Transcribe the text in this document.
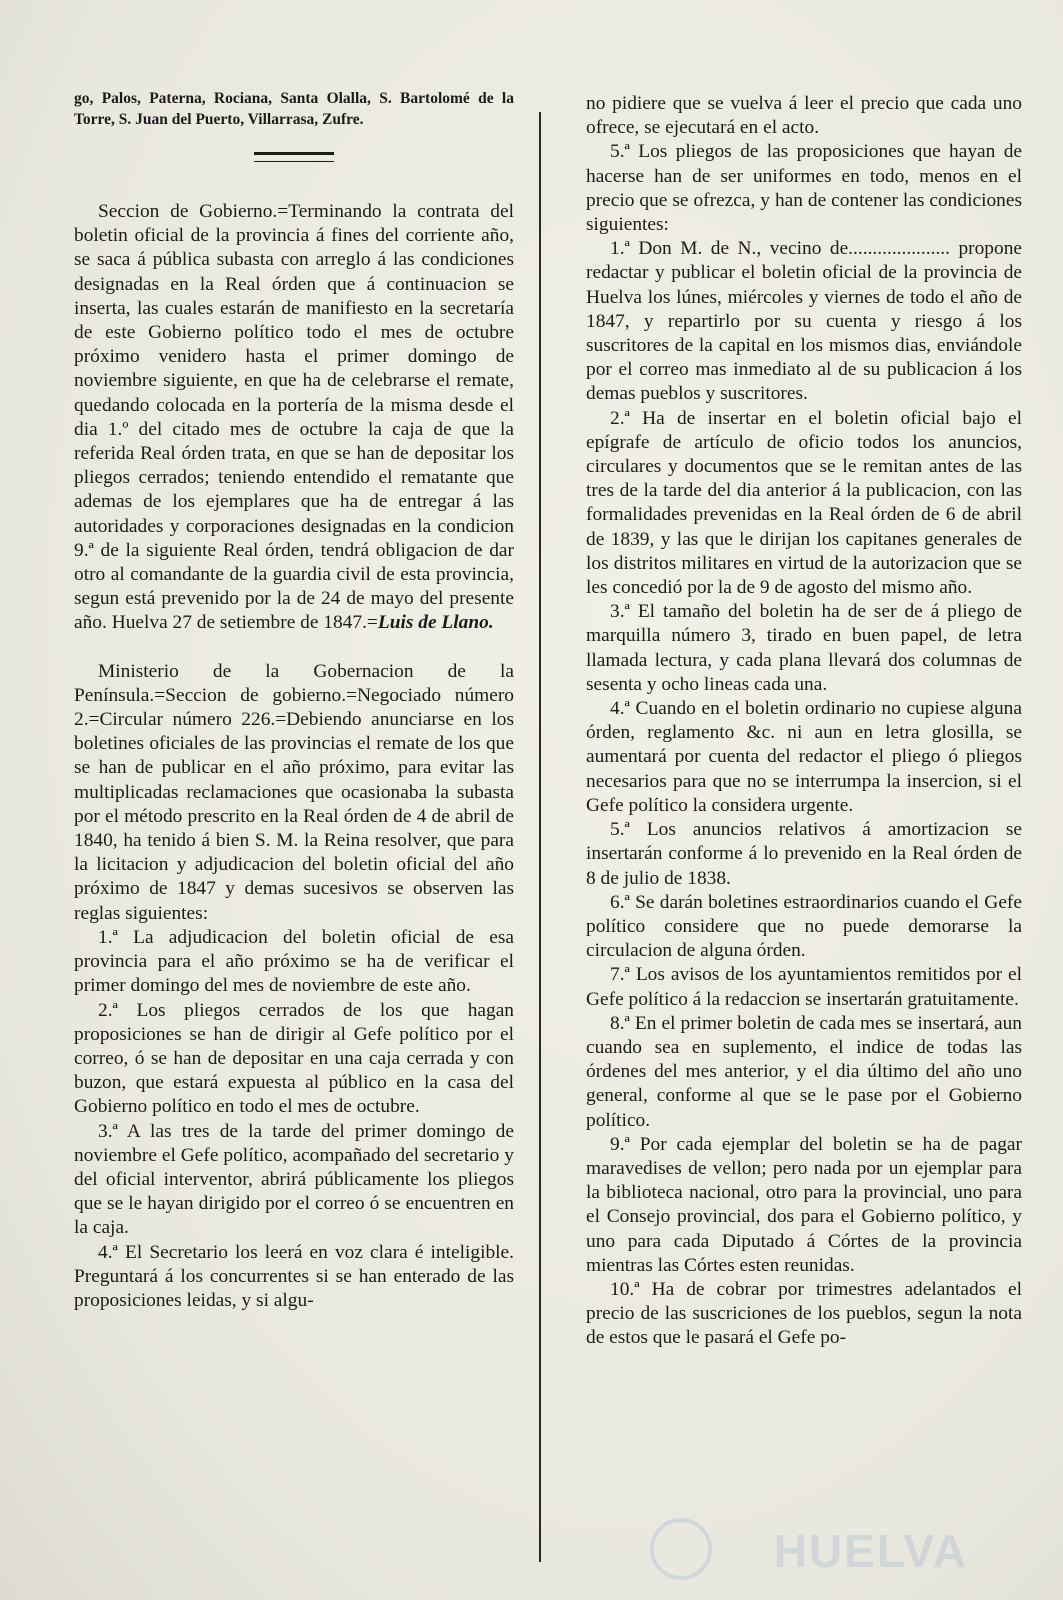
go, Palos, Paterna, Rociana, Santa Olalla, S. Bartolomé de la Torre, S. Juan del Puerto, Villarrasa, Zufre.

Seccion de Gobierno.=Terminando la contrata del boletin oficial de la provincia á fines del corriente año, se saca á pública subasta con arreglo á las condiciones designadas en la Real órden que á continuacion se inserta, las cuales estarán de manifiesto en la secretaría de este Gobierno político todo el mes de octubre próximo venidero hasta el primer domingo de noviembre siguiente, en que ha de celebrarse el remate, quedando colocada en la portería de la misma desde el dia 1.º del citado mes de octubre la caja de que la referida Real órden trata, en que se han de depositar los pliegos cerrados; teniendo entendido el rematante que ademas de los ejemplares que ha de entregar á las autoridades y corporaciones designadas en la condicion 9.ª de la siguiente Real órden, tendrá obligacion de dar otro al comandante de la guardia civil de esta provincia, segun está prevenido por la de 24 de mayo del presente año. Huelva 27 de setiembre de 1847.=Luis de Llano.

Ministerio de la Gobernacion de la Península.=Seccion de gobierno.=Negociado número 2.=Circular número 226.=Debiendo anunciarse en los boletines oficiales de las provincias el remate de los que se han de publicar en el año próximo, para evitar las multiplicadas reclamaciones que ocasionaba la subasta por el método prescrito en la Real órden de 4 de abril de 1840, ha tenido á bien S. M. la Reina resolver, que para la licitacion y adjudicacion del boletin oficial del año próximo de 1847 y demas sucesivos se observen las reglas siguientes:

1.ª La adjudicacion del boletin oficial de esa provincia para el año próximo se ha de verificar el primer domingo del mes de noviembre de este año.

2.ª Los pliegos cerrados de los que hagan proposiciones se han de dirigir al Gefe político por el correo, ó se han de depositar en una caja cerrada y con buzon, que estará expuesta al público en la casa del Gobierno político en todo el mes de octubre.

3.ª A las tres de la tarde del primer domingo de noviembre el Gefe político, acompañado del secretario y del oficial interventor, abrirá públicamente los pliegos que se le hayan dirigido por el correo ó se encuentren en la caja.

4.ª El Secretario los leerá en voz clara é inteligible. Preguntará á los concurrentes si se han enterado de las proposiciones leidas, y si algu-

no pidiere que se vuelva á leer el precio que cada uno ofrece, se ejecutará en el acto.

5.ª Los pliegos de las proposiciones que hayan de hacerse han de ser uniformes en todo, menos en el precio que se ofrezca, y han de contener las condiciones siguientes:

1.ª Don M. de N., vecino de..................... propone redactar y publicar el boletin oficial de la provincia de Huelva los lúnes, miércoles y viernes de todo el año de 1847, y repartirlo por su cuenta y riesgo á los suscritores de la capital en los mismos dias, enviándole por el correo mas inmediato al de su publicacion á los demas pueblos y suscritores.

2.ª Ha de insertar en el boletin oficial bajo el epígrafe de artículo de oficio todos los anuncios, circulares y documentos que se le remitan antes de las tres de la tarde del dia anterior á la publicacion, con las formalidades prevenidas en la Real órden de 6 de abril de 1839, y las que le dirijan los capitanes generales de los distritos militares en virtud de la autorizacion que se les concedió por la de 9 de agosto del mismo año.

3.ª El tamaño del boletin ha de ser de á pliego de marquilla número 3, tirado en buen papel, de letra llamada lectura, y cada plana llevará dos columnas de sesenta y ocho lineas cada una.

4.ª Cuando en el boletin ordinario no cupiese alguna órden, reglamento &c. ni aun en letra glosilla, se aumentará por cuenta del redactor el pliego ó pliegos necesarios para que no se interrumpa la insercion, si el Gefe político la considera urgente.

5.ª Los anuncios relativos á amortizacion se insertarán conforme á lo prevenido en la Real órden de 8 de julio de 1838.

6.ª Se darán boletines estraordinarios cuando el Gefe político considere que no puede demorarse la circulacion de alguna órden.

7.ª Los avisos de los ayuntamientos remitidos por el Gefe político á la redaccion se insertarán gratuitamente.

8.ª En el primer boletin de cada mes se insertará, aun cuando sea en suplemento, el indice de todas las órdenes del mes anterior, y el dia último del año uno general, conforme al que se le pase por el Gobierno político.

9.ª Por cada ejemplar del boletin se ha de pagar maravedises de vellon; pero nada por un ejemplar para la biblioteca nacional, otro para la provincial, uno para el Consejo provincial, dos para el Gobierno político, y uno para cada Diputado á Córtes de la provincia mientras las Córtes esten reunidas.

10.ª Ha de cobrar por trimestres adelantados el precio de las suscriciones de los pueblos, segun la nota de estos que le pasará el Gefe po-

HUELVA
